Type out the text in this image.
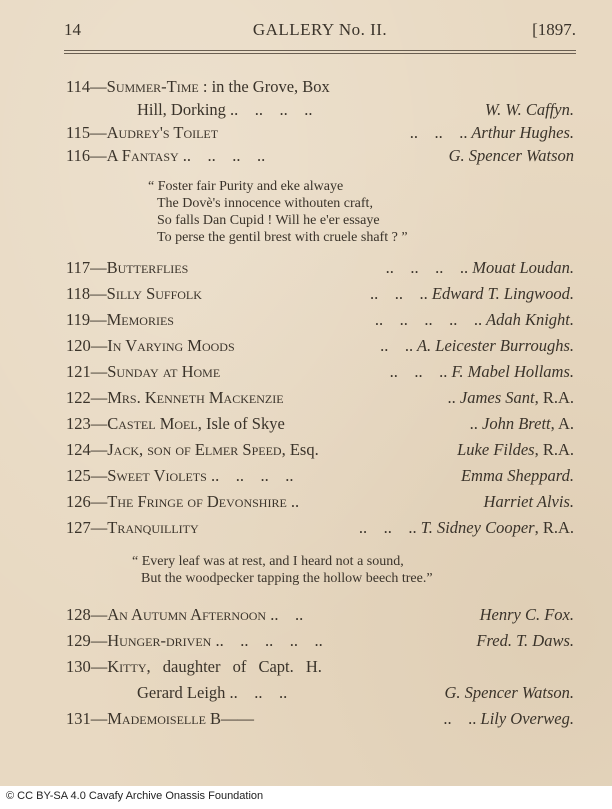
14	GALLERY No. II.	[1897.
114—Summer-Time : in the Grove, Box
Hill, Dorking ..    ..    ..    ..	W. W. Caffyn.
115—Audrey's Toilet	..    ..    .. Arthur Hughes.
116—A Fantasy ..    ..    ..    ..	G. Spencer Watson
“ Foster fair Purity and eke alwaye
The Dovè's innocence withouten craft,
So falls Dan Cupid ! Will he e'er essaye
To perse the gentil brest with cruele shaft ? ”
117—Butterflies	..    ..    ..    .. Mouat Loudan.
118—Silly Suffolk	..    ..    .. Edward T. Lingwood.
119—Memories	..    ..    ..    ..    .. Adah Knight.
120—In Varying Moods	..    .. A. Leicester Burroughs.
121—Sunday at Home	..    ..    .. F. Mabel Hollams.
122—Mrs. Kenneth Mackenzie	.. James Sant, R.A.
123—Castel Moel, Isle of Skye	.. John Brett, A.
124—Jack, son of Elmer Speed, Esq.	Luke Fildes, R.A.
125—Sweet Violets ..    ..    ..    ..	Emma Sheppard.
126—The Fringe of Devonshire ..	Harriet Alvis.
127—Tranquillity	..    ..    .. T. Sidney Cooper, R.A.
“ Every leaf was at rest, and I heard not a sound,
But the woodpecker tapping the hollow beech tree.”
128—An Autumn Afternoon ..    ..	Henry C. Fox.
129—Hunger-driven ..    ..    ..    ..    ..	Fred. T. Daws.
130—Kitty, daughter of Capt. H.
Gerard Leigh ..    ..    ..	G. Spencer Watson.
131—Mademoiselle B——	..    .. Lily Overweg.
© CC BY-SA 4.0 Cavafy Archive Onassis Foundation
